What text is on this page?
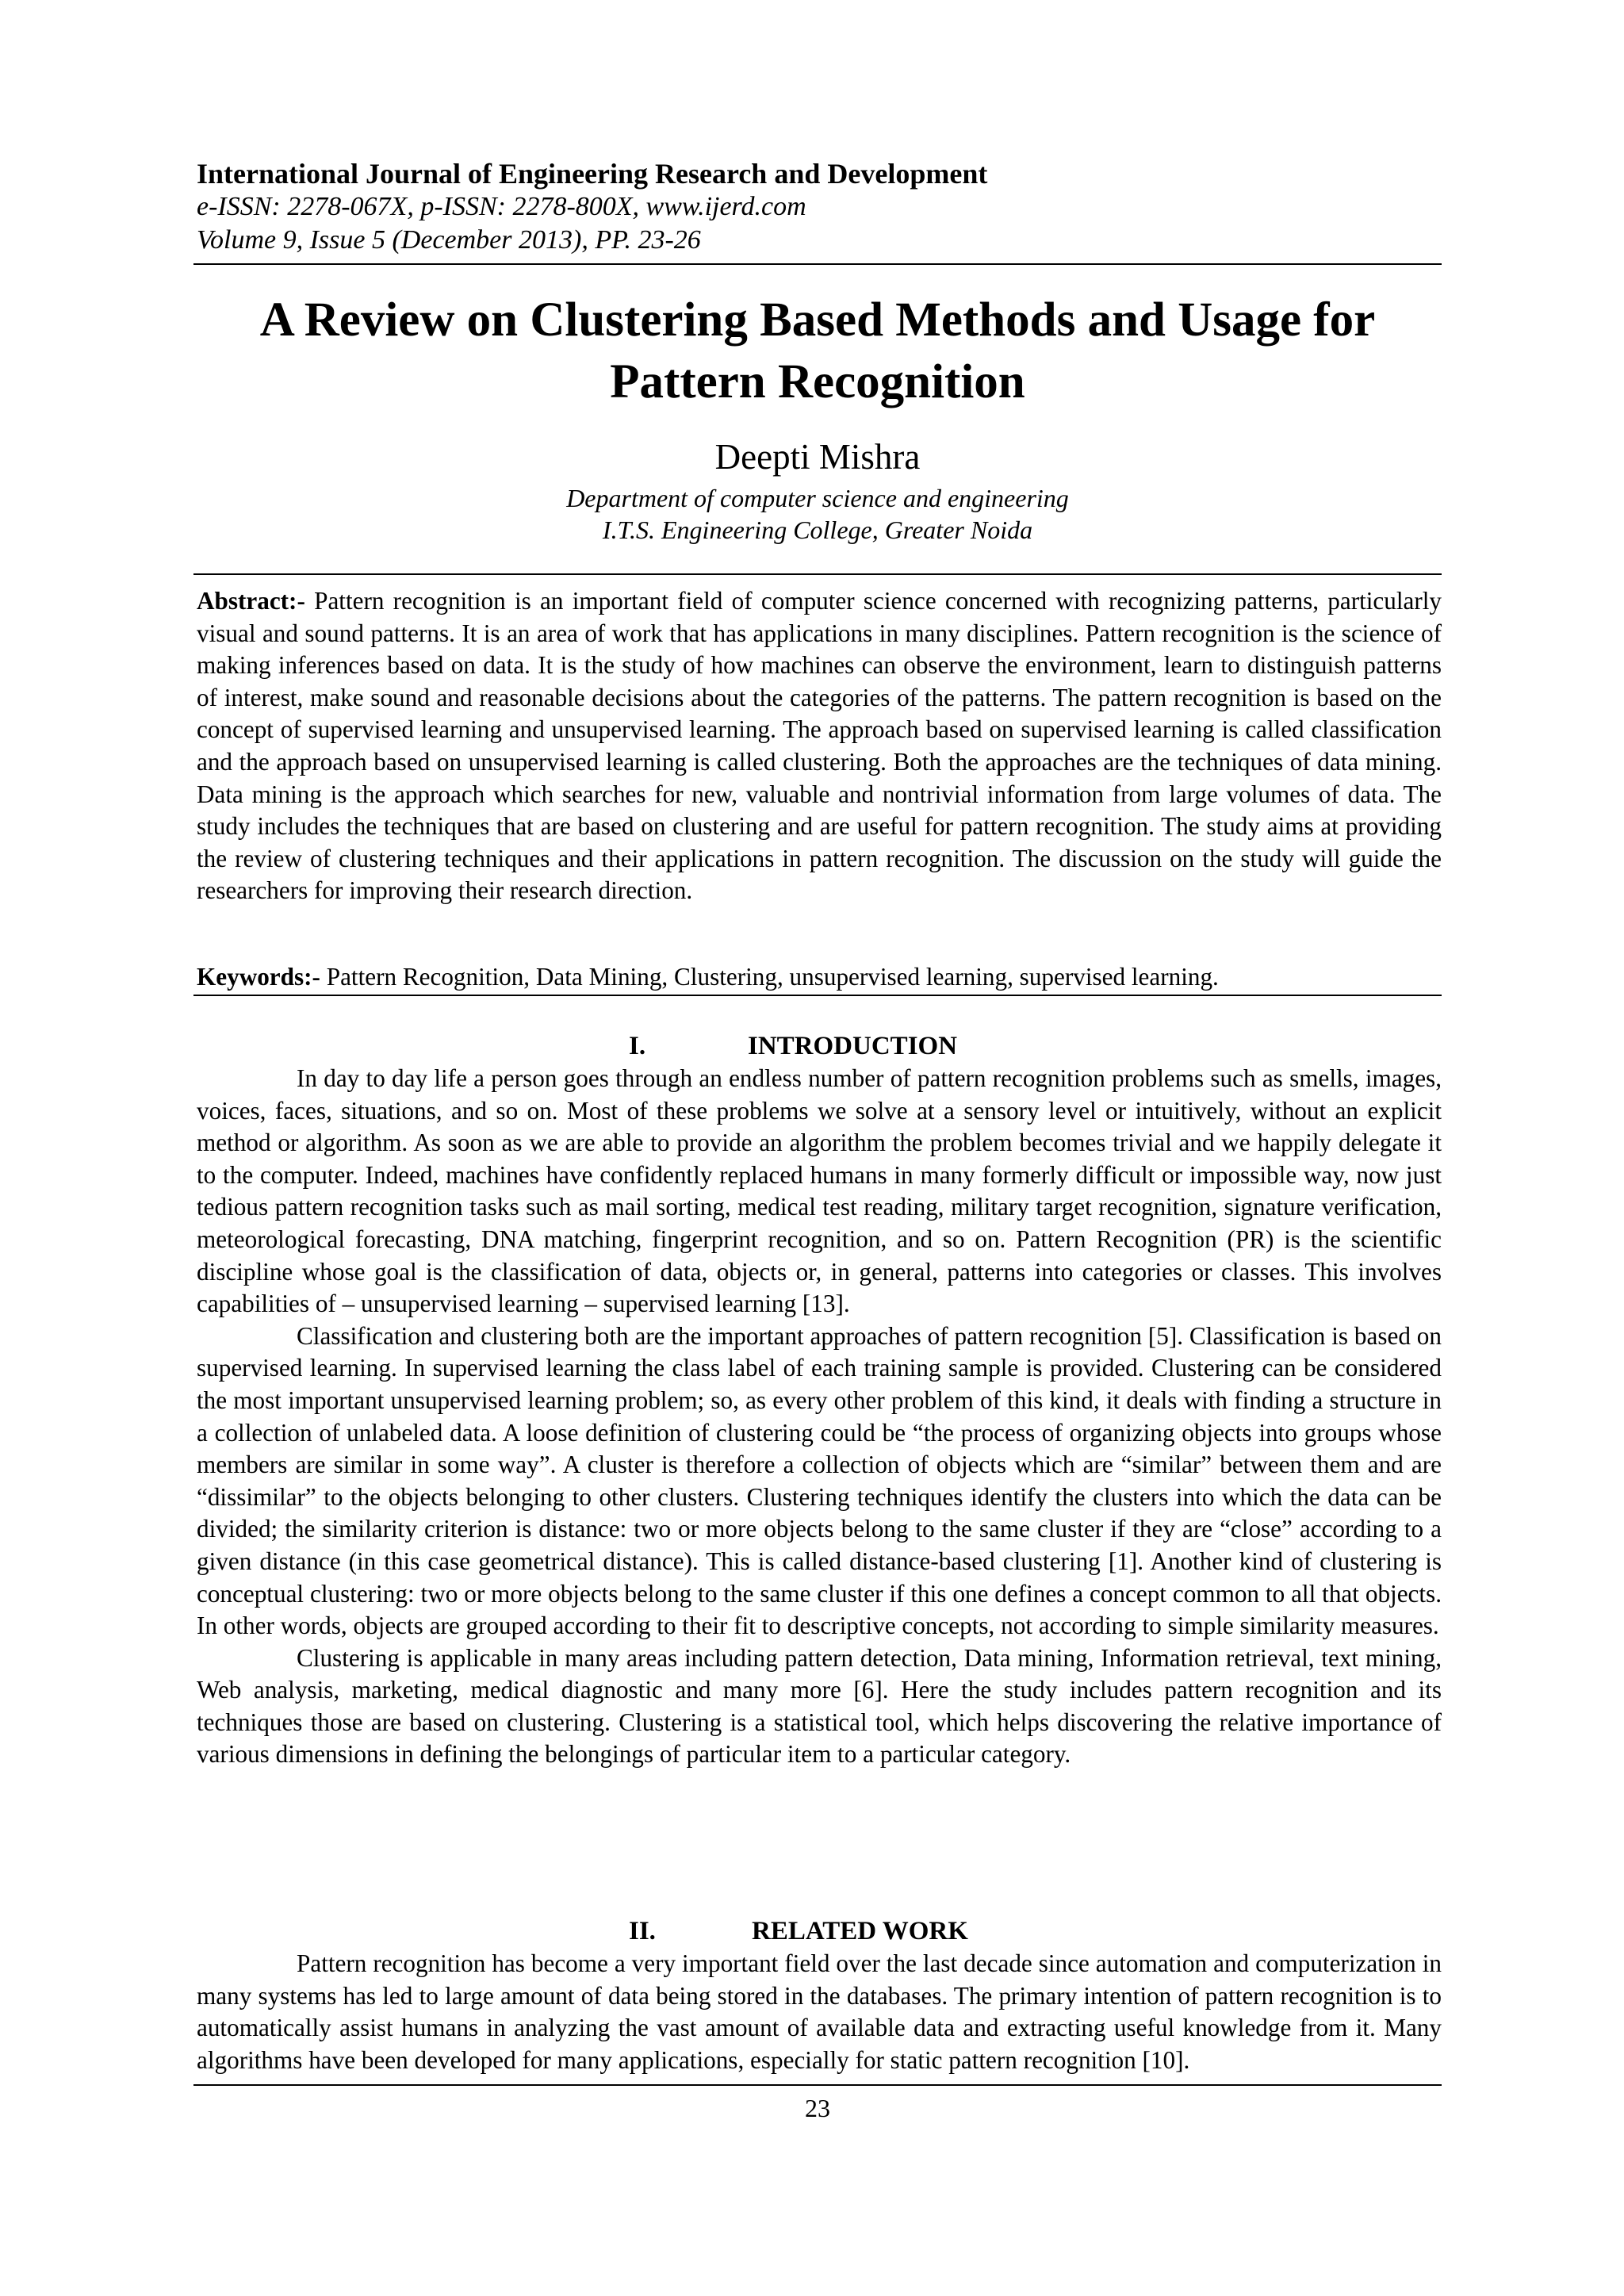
International Journal of Engineering Research and Development
e-ISSN: 2278-067X, p-ISSN: 2278-800X, www.ijerd.com
Volume 9, Issue 5 (December 2013), PP. 23-26
A Review on Clustering Based Methods and Usage for
Pattern Recognition
Deepti Mishra
Department of computer science and engineering
I.T.S. Engineering College, Greater Noida

Abstract:- Pattern recognition is an important field of computer science concerned with recognizing patterns, particularly visual and sound patterns. It is an area of work that has applications in many disciplines. Pattern recognition is the science of making inferences based on data. It is the study of how machines can observe the environment, learn to distinguish patterns of interest, make sound and reasonable decisions about the categories of the patterns. The pattern recognition is based on the concept of supervised learning and unsupervised learning. The approach based on supervised learning is called classification and the approach based on unsupervised learning is called clustering. Both the approaches are the techniques of data mining. Data mining is the approach which searches for new, valuable and nontrivial information from large volumes of data. The study includes the techniques that are based on clustering and are useful for pattern recognition. The study aims at providing the review of clustering techniques and their applications in pattern recognition. The discussion on the study will guide the researchers for improving their research direction.

Keywords:- Pattern Recognition, Data Mining, Clustering, unsupervised learning, supervised learning.

I.	INTRODUCTION

In day to day life a person goes through an endless number of pattern recognition problems such as smells, images, voices, faces, situations, and so on. Most of these problems we solve at a sensory level or intuitively, without an explicit method or algorithm. As soon as we are able to provide an algorithm the problem becomes trivial and we happily delegate it to the computer. Indeed, machines have confidently replaced humans in many formerly difficult or impossible way, now just tedious pattern recognition tasks such as mail sorting, medical test reading, military target recognition, signature verification, meteorological forecasting, DNA matching, fingerprint recognition, and so on. Pattern Recognition (PR) is the scientific discipline whose goal is the classification of data, objects or, in general, patterns into categories or classes. This involves capabilities of – unsupervised learning – supervised learning [13].

Classification and clustering both are the important approaches of pattern recognition [5]. Classification is based on supervised learning. In supervised learning the class label of each training sample is provided. Clustering can be considered the most important unsupervised learning problem; so, as every other problem of this kind, it deals with finding a structure in a collection of unlabeled data. A loose definition of clustering could be “the process of organizing objects into groups whose members are similar in some way”. A cluster is therefore a collection of objects which are “similar” between them and are “dissimilar” to the objects belonging to other clusters. Clustering techniques identify the clusters into which the data can be divided; the similarity criterion is distance: two or more objects belong to the same cluster if they are “close” according to a given distance (in this case geometrical distance). This is called distance-based clustering [1]. Another kind of clustering is conceptual clustering: two or more objects belong to the same cluster if this one defines a concept common to all that objects. In other words, objects are grouped according to their fit to descriptive concepts, not according to simple similarity measures.

Clustering is applicable in many areas including pattern detection, Data mining, Information retrieval, text mining, Web analysis, marketing, medical diagnostic and many more [6]. Here the study includes pattern recognition and its techniques those are based on clustering. Clustering is a statistical tool, which helps discovering the relative importance of various dimensions in defining the belongings of particular item to a particular category.

II.	RELATED WORK

Pattern recognition has become a very important field over the last decade since automation and computerization in many systems has led to large amount of data being stored in the databases. The primary intention of pattern recognition is to automatically assist humans in analyzing the vast amount of available data and extracting useful knowledge from it. Many algorithms have been developed for many applications, especially for static pattern recognition [10].

23
